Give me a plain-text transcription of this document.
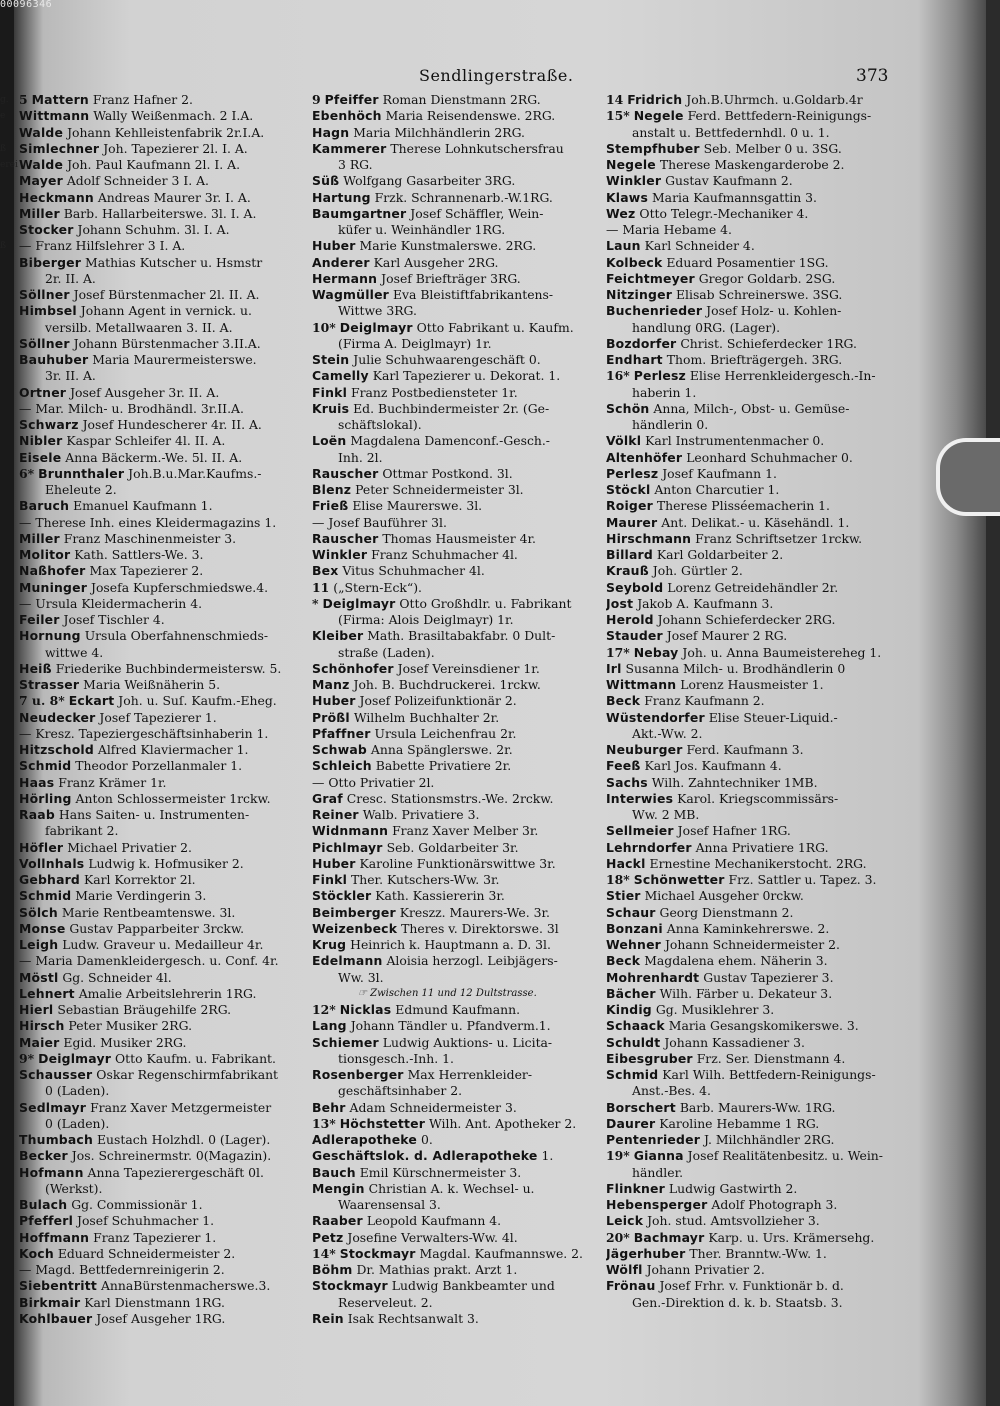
Sendlingerstraße.	373
00096346
g.
e

ß
erei

ß

5 Mattern Franz Hafner 2.
Wittmann Wally Weißenmach. 2 I.A.
Walde Johann Kehlleistenfabrik 2r.I.A.
Simlechner Joh. Tapezierer 2l. I. A.
Walde Joh. Paul Kaufmann 2l. I. A.
Mayer Adolf Schneider 3 I. A.
Heckmann Andreas Maurer 3r. I. A.
Miller Barb. Hallarbeiterswe. 3l. I. A.
Stocker Johann Schuhm. 3l. I. A.
— Franz Hilfslehrer 3 I. A.
Biberger Mathias Kutscher u. Hsmstr
2r. II. A.
Söllner Josef Bürstenmacher 2l. II. A.
Himbsel Johann Agent in vernick. u.
versilb. Metallwaaren 3. II. A.
Söllner Johann Bürstenmacher 3.II.A.
Bauhuber Maria Maurermeisterswe.
3r. II. A.
Ortner Josef Ausgeher 3r. II. A.
— Mar. Milch- u. Brodhändl. 3r.II.A.
Schwarz Josef Hundescherer 4r. II. A.
Nibler Kaspar Schleifer 4l. II. A.
Eisele Anna Bäckerm.-We. 5l. II. A.
6* Brunnthaler Joh.B.u.Mar.Kaufms.-
Eheleute 2.
Baruch Emanuel Kaufmann 1.
— Therese Inh. eines Kleidermagazins 1.
Miller Franz Maschinenmeister 3.
Molitor Kath. Sattlers-We. 3.
Naßhofer Max Tapezierer 2.
Muninger Josefa Kupferschmiedswe.4.
— Ursula Kleidermacherin 4.
Feiler Josef Tischler 4.
Hornung Ursula Oberfahnenschmieds-
wittwe 4.
Heiß Friederike Buchbindermeistersw. 5.
Strasser Maria Weißnäherin 5.
7 u. 8* Eckart Joh. u. Suſ. Kaufm.-Eheg.
Neudecker Josef Tapezierer 1.
— Kresz. Tapeziergeschäftsinhaberin 1.
Hitzschold Alfred Klaviermacher 1.
Schmid Theodor Porzellanmaler 1.
Haas Franz Krämer 1r.
Hörling Anton Schlossermeister 1rckw.
Raab Hans Saiten- u. Instrumenten-
fabrikant 2.
Höfler Michael Privatier 2.
Vollnhals Ludwig k. Hofmusiker 2.
Gebhard Karl Korrektor 2l.
Schmid Marie Verdingerin 3.
Sölch Marie Rentbeamtenswe. 3l.
Monse Gustav Papparbeiter 3rckw.
Leigh Ludw. Graveur u. Medailleur 4r.
— Maria Damenkleidergesch. u. Conf. 4r.
Möstl Gg. Schneider 4l.
Lehnert Amalie Arbeitslehrerin 1RG.
Hierl Sebastian Bräugehilfe 2RG.
Hirsch Peter Musiker 2RG.
Maier Egid. Musiker 2RG.
9* Deiglmayr Otto Kaufm. u. Fabrikant.
Schausser Oskar Regenschirmfabrikant
0 (Laden).
Sedlmayr Franz Xaver Metzgermeister
0 (Laden).
Thumbach Eustach Holzhdl. 0 (Lager).
Becker Jos. Schreinermstr. 0(Magazin).
Hofmann Anna Tapezierergeschäft 0l.
(Werkst).
Bulach Gg. Commissionär 1.
Pfefferl Josef Schuhmacher 1.
Hoffmann Franz Tapezierer 1.
Koch Eduard Schneidermeister 2.
— Magd. Bettfedernreinigerin 2.
Siebentritt AnnaBürstenmacherswe.3.
Birkmair Karl Dienstmann 1RG.
Kohlbauer Josef Ausgeher 1RG.
9 Pfeiffer Roman Dienstmann 2RG.
Ebenhöch Maria Reisendenswe. 2RG.
Hagn Maria Milchhändlerin 2RG.
Kammerer Therese Lohnkutschersfrau
3 RG.
Süß Wolfgang Gasarbeiter 3RG.
Hartung Frzk. Schrannenarb.-W.1RG.
Baumgartner Josef Schäffler, Wein-
küfer u. Weinhändler 1RG.
Huber Marie Kunstmalerswe. 2RG.
Anderer Karl Ausgeher 2RG.
Hermann Josef Briefträger 3RG.
Wagmüller Eva Bleistiftfabrikantens-
Wittwe 3RG.
10* Deiglmayr Otto Fabrikant u. Kaufm.
(Firma A. Deiglmayr) 1r.
Stein Julie Schuhwaarengeschäft 0.
Camelly Karl Tapezierer u. Dekorat. 1.
Finkl Franz Postbediensteter 1r.
Kruis Ed. Buchbindermeister 2r. (Ge-
schäftslokal).
Loën Magdalena Damenconf.-Gesch.-
Inh. 2l.
Rauscher Ottmar Postkond. 3l.
Blenz Peter Schneidermeister 3l.
Frieß Elise Maurerswe. 3l.
— Josef Bauführer 3l.
Rauscher Thomas Hausmeister 4r.
Winkler Franz Schuhmacher 4l.
Bex Vitus Schuhmacher 4l.
11 („Stern-Eck“).
* Deiglmayr Otto Großhdlr. u. Fabrikant
(Firma: Alois Deiglmayr) 1r.
Kleiber Math. Brasiltabakfabr. 0 Dult-
straße (Laden).
Schönhofer Josef Vereinsdiener 1r.
Manz Joh. B. Buchdruckerei. 1rckw.
Huber Josef Polizeifunktionär 2.
Prößl Wilhelm Buchhalter 2r.
Pfaffner Ursula Leichenfrau 2r.
Schwab Anna Spänglerswe. 2r.
Schleich Babette Privatiere 2r.
— Otto Privatier 2l.
Graf Cresc. Stationsmstrs.-We. 2rckw.
Reiner Walb. Privatiere 3.
Widnmann Franz Xaver Melber 3r.
Pichlmayr Seb. Goldarbeiter 3r.
Huber Karoline Funktionärswittwe 3r.
Finkl Ther. Kutschers-Ww. 3r.
Stöckler Kath. Kassiererin 3r.
Beimberger Kreszz. Maurers-We. 3r.
Weizenbeck Theres v. Direktorswe. 3l
Krug Heinrich k. Hauptmann a. D. 3l.
Edelmann Aloisia herzogl. Leibjägers-
Ww. 3l.
☞ Zwischen 11 und 12 Dultstrasse.
12* Nicklas Edmund Kaufmann.
Lang Johann Tändler u. Pfandverm.1.
Schiemer Ludwig Auktions- u. Licita-
tionsgesch.-Inh. 1.
Rosenberger Max Herrenkleider-
geschäftsinhaber 2.
Behr Adam Schneidermeister 3.
13* Höchstetter Wilh. Ant. Apotheker 2.
Adlerapotheke 0.
Geschäftslok. d. Adlerapotheke 1.
Bauch Emil Kürschnermeister 3.
Mengin Christian A. k. Wechsel- u.
Waarensensal 3.
Raaber Leopold Kaufmann 4.
Petz Josefine Verwalters-Ww. 4l.
14* Stockmayr Magdal. Kaufmannswe. 2.
Böhm Dr. Mathias prakt. Arzt 1.
Stockmayr Ludwig Bankbeamter und
Reserveleut. 2.
Rein Isak Rechtsanwalt 3.
14 Fridrich Joh.B.Uhrmch. u.Goldarb.4r
15* Negele Ferd. Bettfedern-Reinigungs-
anstalt u. Bettfedernhdl. 0 u. 1.
Stempfhuber Seb. Melber 0 u. 3SG.
Negele Therese Maskengarderobe 2.
Winkler Gustav Kaufmann 2.
Klaws Maria Kaufmannsgattin 3.
Wez Otto Telegr.-Mechaniker 4.
— Maria Hebame 4.
Laun Karl Schneider 4.
Kolbeck Eduard Posamentier 1SG.
Feichtmeyer Gregor Goldarb. 2SG.
Nitzinger Elisab Schreinerswe. 3SG.
Buchenrieder Josef Holz- u. Kohlen-
handlung 0RG. (Lager).
Bozdorfer Christ. Schieferdecker 1RG.
Endhart Thom. Briefträgergeh. 3RG.
16* Perlesz Elise Herrenkleidergesch.-In-
haberin 1.
Schön Anna, Milch-, Obst- u. Gemüse-
händlerin 0.
Völkl Karl Instrumentenmacher 0.
Altenhöfer Leonhard Schuhmacher 0.
Perlesz Josef Kaufmann 1.
Stöckl Anton Charcutier 1.
Roiger Therese Plisséemacherin 1.
Maurer Ant. Delikat.- u. Käsehändl. 1.
Hirschmann Franz Schriftsetzer 1rckw.
Billard Karl Goldarbeiter 2.
Krauß Joh. Gürtler 2.
Seybold Lorenz Getreidehändler 2r.
Jost Jakob A. Kaufmann 3.
Herold Johann Schieferdecker 2RG.
Stauder Josef Maurer 2 RG.
17* Nebay Joh. u. Anna Baumeistereheg 1.
Irl Susanna Milch- u. Brodhändlerin 0
Wittmann Lorenz Hausmeister 1.
Beck Franz Kaufmann 2.
Wüstendorfer Elise Steuer-Liquid.-
Akt.-Ww. 2.
Neuburger Ferd. Kaufmann 3.
Feeß Karl Jos. Kaufmann 4.
Sachs Wilh. Zahntechniker 1MB.
Interwies Karol. Kriegscommissärs-
Ww. 2 MB.
Sellmeier Josef Hafner 1RG.
Lehrndorfer Anna Privatiere 1RG.
Hackl Ernestine Mechanikerstocht. 2RG.
18* Schönwetter Frz. Sattler u. Tapez. 3.
Stier Michael Ausgeher 0rckw.
Schaur Georg Dienstmann 2.
Bonzani Anna Kaminkehrerswe. 2.
Wehner Johann Schneidermeister 2.
Beck Magdalena ehem. Näherin 3.
Mohrenhardt Gustav Tapezierer 3.
Bächer Wilh. Färber u. Dekateur 3.
Kindig Gg. Musiklehrer 3.
Schaack Maria Gesangskomikerswe. 3.
Schuldt Johann Kassadiener 3.
Eibesgruber Frz. Ser. Dienstmann 4.
Schmid Karl Wilh. Bettfedern-Reinigungs-
Anst.-Bes. 4.
Borschert Barb. Maurers-Ww. 1RG.
Daurer Karoline Hebamme 1 RG.
Pentenrieder J. Milchhändler 2RG.
19* Gianna Josef Realitätenbesitz. u. Wein-
händler.
Flinkner Ludwig Gastwirth 2.
Hebensperger Adolf Photograph 3.
Leick Joh. stud. Amtsvollzieher 3.
20* Bachmayr Karp. u. Urs. Krämersehg.
Jägerhuber Ther. Branntw.-Ww. 1.
Wölfl Johann Privatier 2.
Frönau Josef Frhr. v. Funktionär b. d.
Gen.-Direktion d. k. b. Staatsb. 3.
